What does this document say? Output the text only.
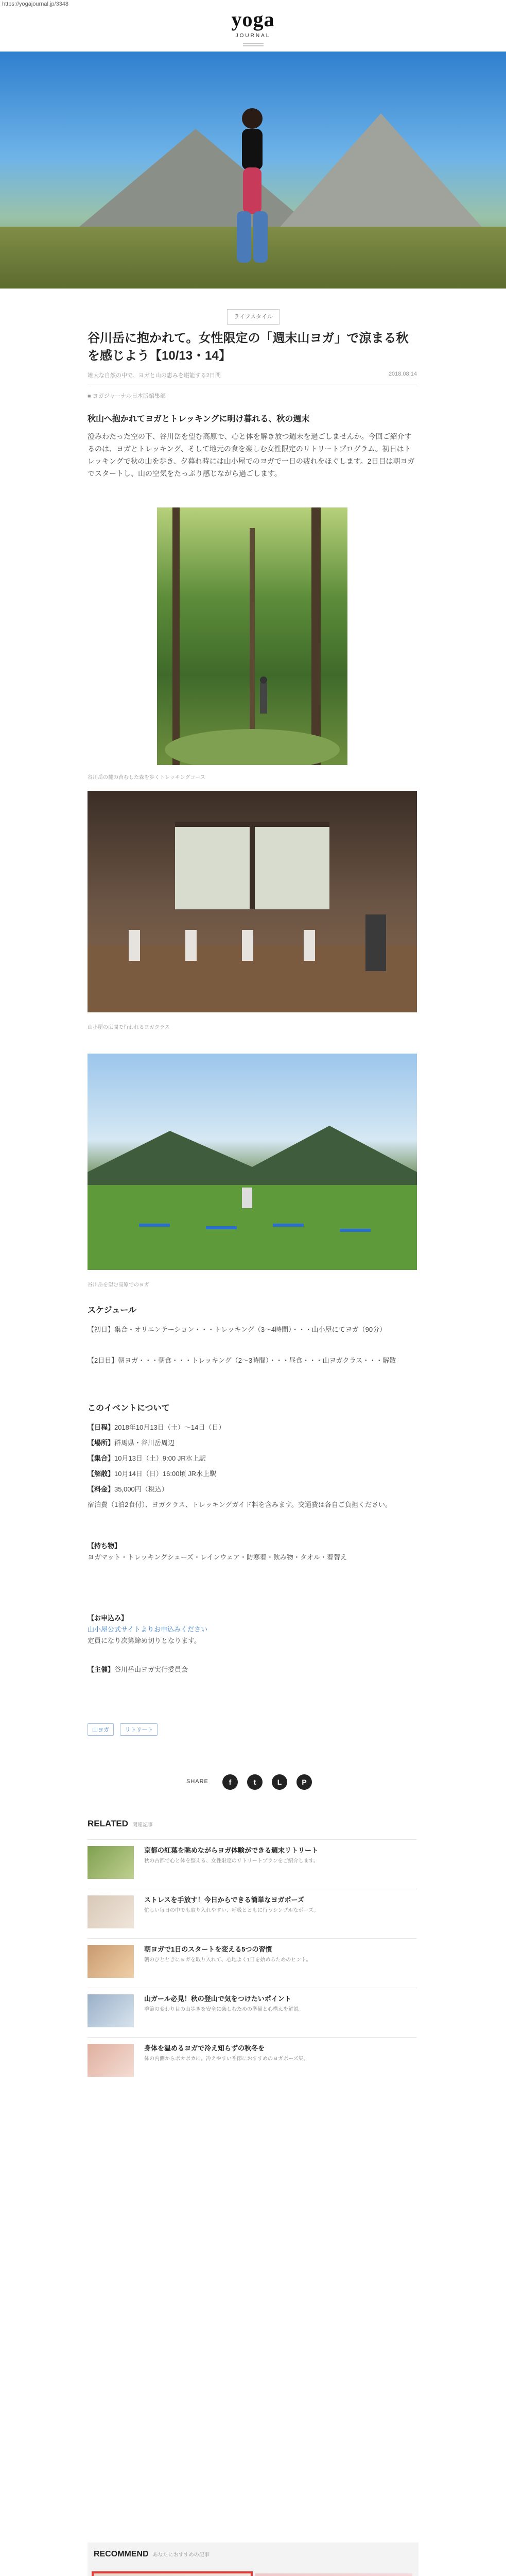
https://yogajournal.jp/3348
yoga
JOURNAL
ライフスタイル
谷川岳に抱かれて。女性限定の「週末山ヨガ」で涼まる秋を感じよう【10/13・14】
雄大な自然の中で、ヨガと山の恵みを堪能する2日間	2018.08.14
■ ヨガジャーナル日本版編集部
秋山へ抱かれてヨガとトレッキングに明け暮れる、秋の週末
澄みわたった空の下、谷川岳を望む高原で、心と体を解き放つ週末を過ごしませんか。今回ご紹介するのは、ヨガとトレッキング、そして地元の食を楽しむ女性限定のリトリートプログラム。初日はトレッキングで秋の山を歩き、夕暮れ時には山小屋でのヨガで一日の疲れをほぐします。2日目は朝ヨガでスタートし、山の空気をたっぷり感じながら過ごします。
谷川岳の麓の苔むした森を歩くトレッキングコース
山小屋の広間で行われるヨガクラス
谷川岳を望む高原でのヨガ
スケジュール
【初日】集合・オリエンテーション・・・トレッキング（3〜4時間）・・・山小屋にてヨガ（90分）
【2日目】朝ヨガ・・・朝食・・・トレッキング（2〜3時間）・・・昼食・・・山ヨガクラス・・・解散
このイベントについて
【日程】2018年10月13日（土）〜14日（日）
【場所】群馬県・谷川岳周辺
【集合】10月13日（土）9:00 JR水上駅
【解散】10月14日（日）16:00頃 JR水上駅
【料金】35,000円（税込）
宿泊費（1泊2食付）、ヨガクラス、トレッキングガイド料を含みます。交通費は各自ご負担ください。
【持ち物】
ヨガマット・トレッキングシューズ・レインウェア・防寒着・飲み物・タオル・着替え
【お申込み】
山小屋公式サイトよりお申込みください
定員になり次第締め切りとなります。
【主催】谷川岳山ヨガ実行委員会
山ヨガ	リトリート
SHARE	f	t	L	P
RELATED 関連記事
京都の紅葉を眺めながらヨガ体験ができる週末リトリート
秋の古都で心と体を整える、女性限定のリトリートプランをご紹介します。
ストレスを手放す！今日からできる簡単なヨガポーズ
忙しい毎日の中でも取り入れやすい、呼吸とともに行うシンプルなポーズ。
朝ヨガで1日のスタートを変える5つの習慣
朝のひとときにヨガを取り入れて、心地よく1日を始めるためのヒント。
山ガール必見！秋の登山で気をつけたいポイント
季節の変わり目の山歩きを安全に楽しむための準備と心構えを解説。
身体を温めるヨガで冷え知らずの秋冬を
体の内側からポカポカに。冷えやすい季節におすすめのヨガポーズ集。
RECOMMEND あなたにおすすめの記事
